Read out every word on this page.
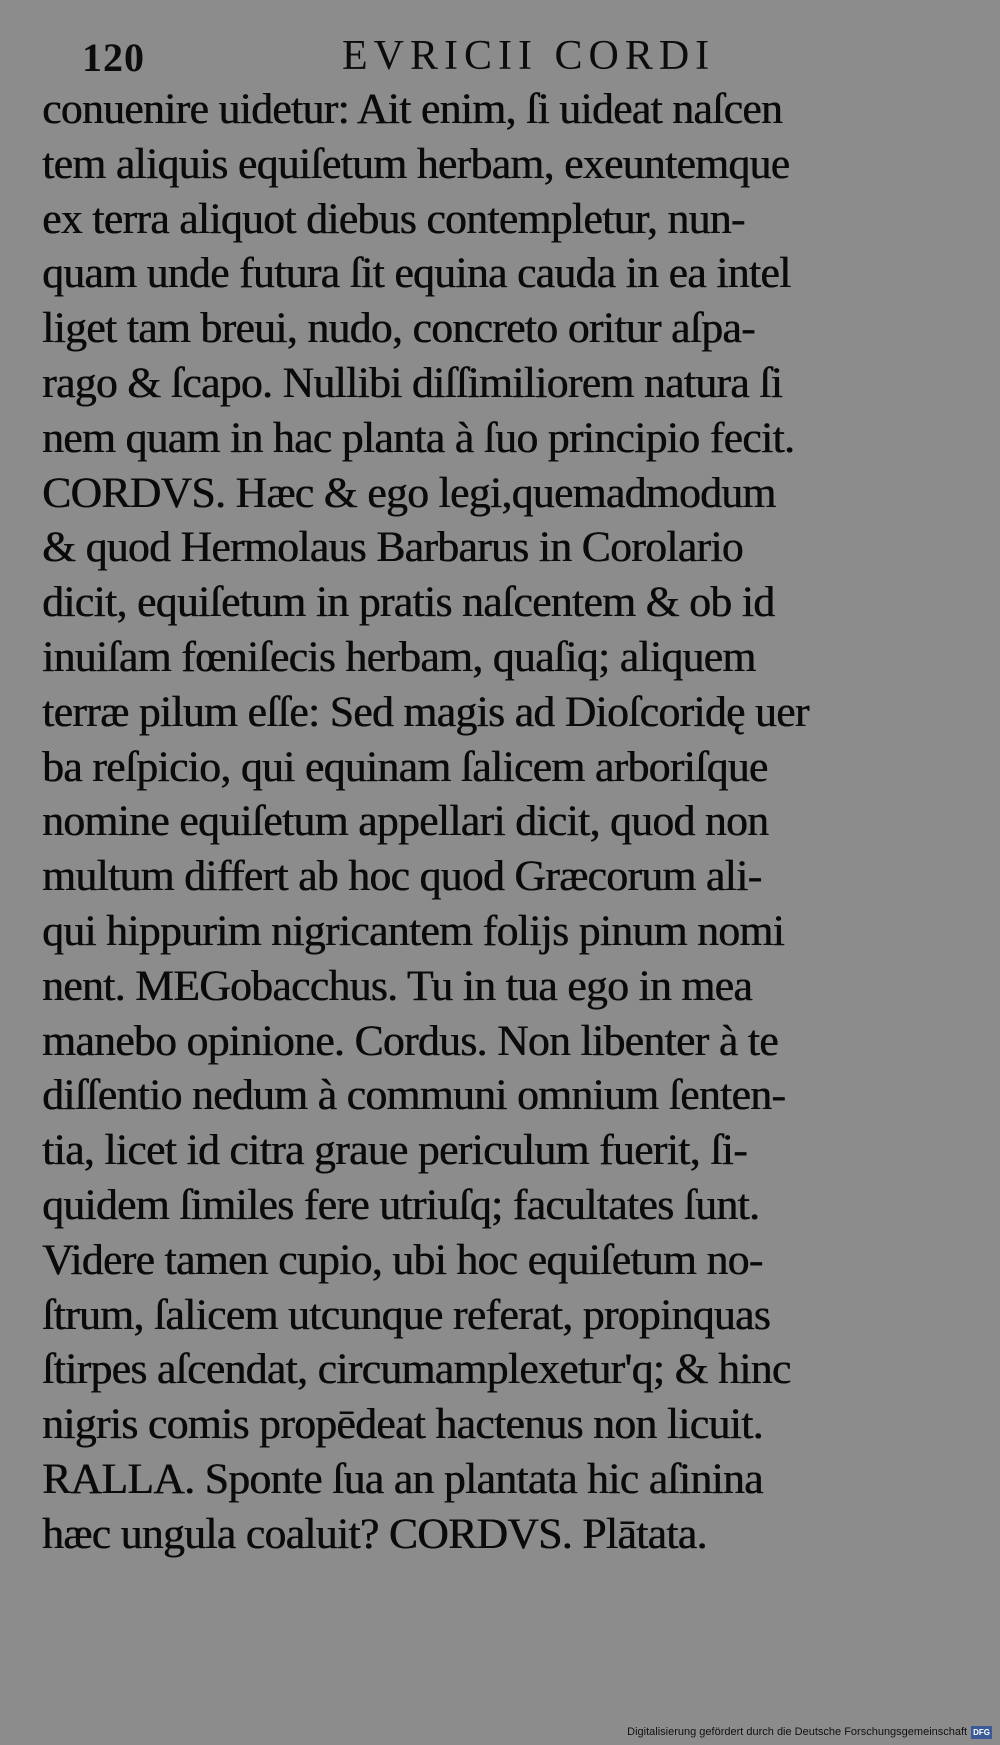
120	EVRICII CORDI
conuenire uidetur: Ait enim, ſi uideat naſcen
tem aliquis equiſetum herbam, exeuntemque
ex terra aliquot diebus contempletur, nun-
quam unde futura ſit equina cauda in ea intel
liget tam breui, nudo, concreto oritur aſpa-
rago & ſcapo. Nullibi diſſimiliorem natura ſi
nem quam in hac planta à ſuo principio fecit.
CORDVS. Hæc & ego legi,quemadmodum
& quod Hermolaus Barbarus in Corolario
dicit, equiſetum in pratis naſcentem & ob id
inuiſam fœniſecis herbam, quaſiq; aliquem
terræ pilum eſſe: Sed magis ad Dioſcoridę uer
ba reſpicio, qui equinam ſalicem arboriſque
nomine equiſetum appellari dicit, quod non
multum differt ab hoc quod Græcorum ali-
qui hippurim nigricantem folijs pinum nomi
nent. MEGobacchus. Tu in tua ego in mea
manebo opinione. Cordus. Non libenter à te
diſſentio nedum à communi omnium ſenten-
tia, licet id citra graue periculum fuerit, ſi-
quidem ſimiles fere utriuſq; facultates ſunt.
Videre tamen cupio, ubi hoc equiſetum no-
ſtrum, ſalicem utcunque referat, propinquas
ſtirpes aſcendat, circumamplexetur'q; & hinc
nigris comis propēdeat hactenus non licuit.
RALLA. Sponte ſua an plantata hic aſinina
hæc ungula coaluit? CORDVS. Plātata.
Digitalisierung gefördert durch die Deutsche Forschungsgemeinschaft DFG
